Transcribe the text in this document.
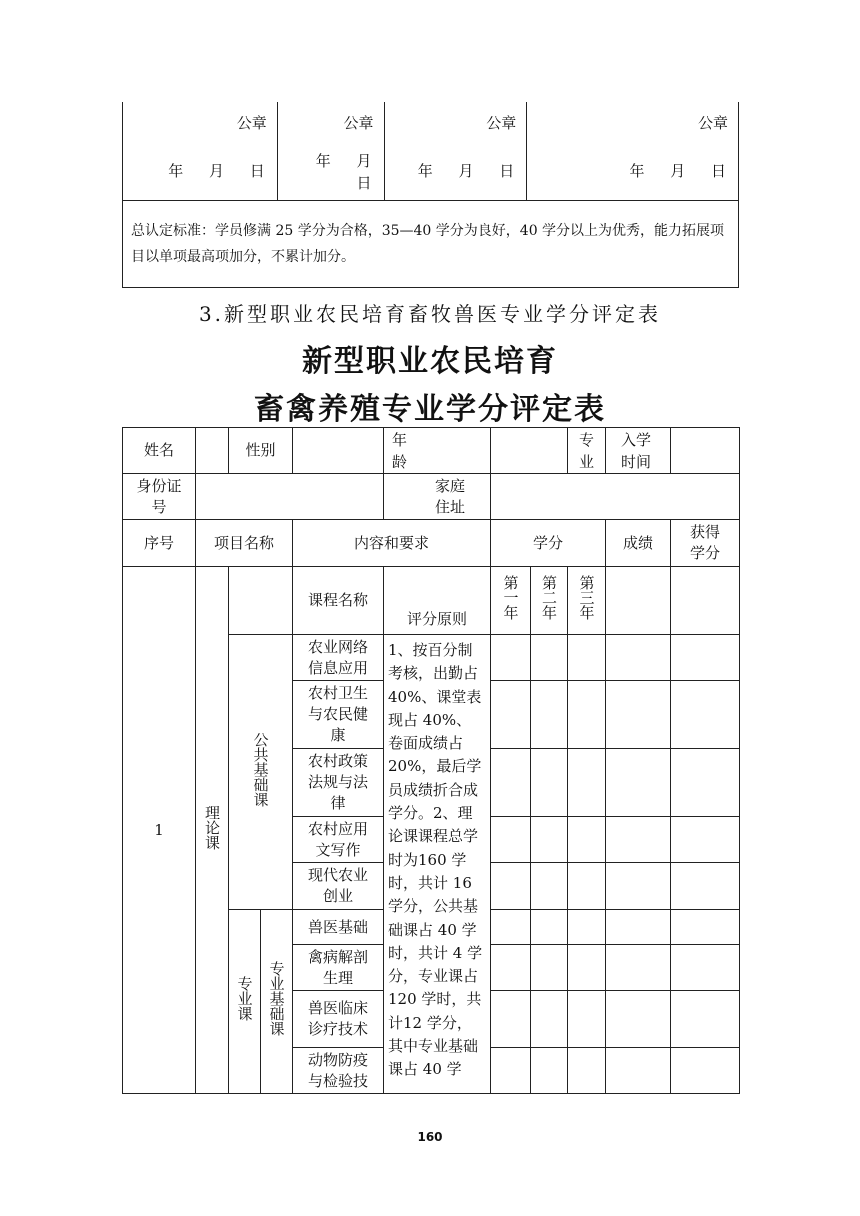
公章
年　 月　 日

公章
年　 月 日

公章
年　 月　 日

公章
年　 月　 日

总认定标准：学员修满 25 学分为合格，35—40 学分为良好，40 学分以上为优秀，能力拓展项目以单项最高项加分，不累计加分。
3.新型职业农民培育畜牧兽医专业学分评定表
新型职业农民培育
畜禽养殖专业学分评定表
姓名		性别			年龄			专业	入学时间	
身份证号					家庭住址					
序号	项目名称			内容和要求		学分			成绩	获得学分
1	理论课			课程名称	评分原则	第一年	第二年	第三年		
		公共基础课		农业网络信息应用	1、按百分制考核，出勤占40%、课堂表现占 40%、卷面成绩占20%，最后学员成绩折合成学分。2、理论课课程总学时为160 学时，共计 16 学分，公共基础课占 40 学时，共计 4 学分，专业课占 120 学时，共计12 学分，其中专业基础课占 40 学					
				农村卫生与农民健康						
				农村政策法规与法律						
				农村应用文写作						
				现代农业创业						
		专业课	专业基础课	兽医基础						
				禽病解剖生理						
				兽医临床诊疗技术						
				动物防疫与检验技						
160
